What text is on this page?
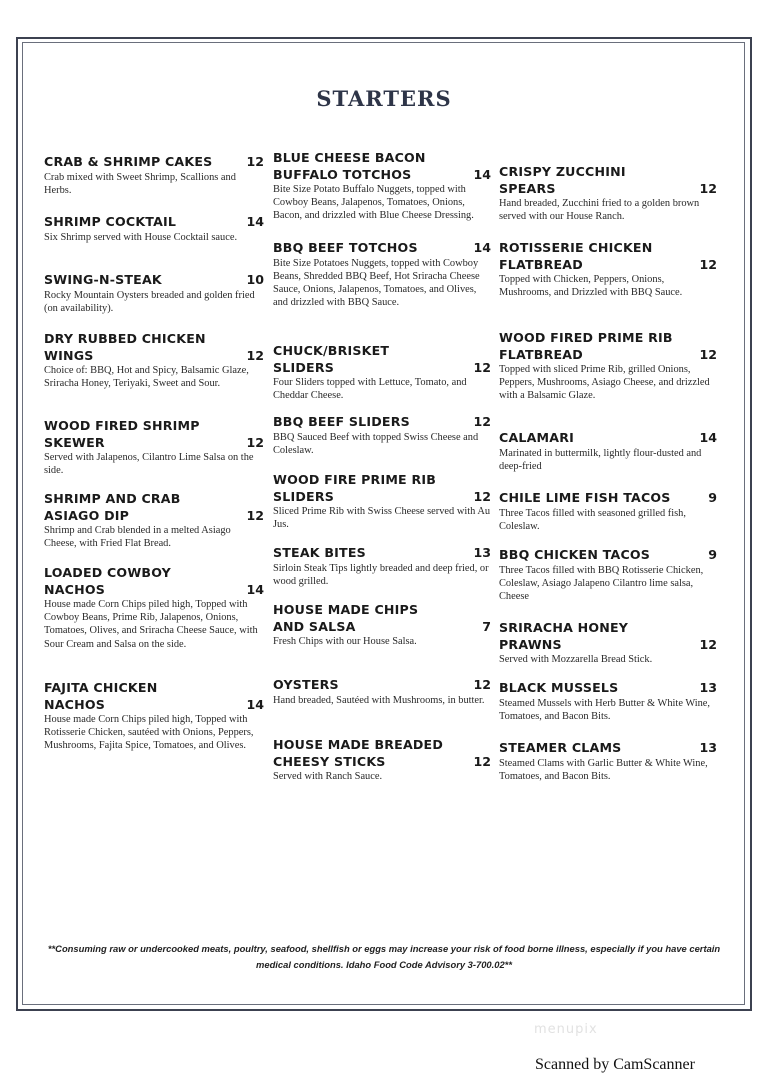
STARTERS
CRAB & SHRIMP CAKES	12
Crab mixed with Sweet Shrimp, Scallions and Herbs.
SHRIMP COCKTAIL	14
Six Shrimp served with House Cocktail sauce.
SWING-N-STEAK	10
Rocky Mountain Oysters breaded and golden fried (on availability).
DRY RUBBED CHICKEN WINGS	12
Choice of: BBQ, Hot and Spicy, Balsamic Glaze, Sriracha Honey, Teriyaki, Sweet and Sour.
WOOD FIRED SHRIMP SKEWER	12
Served with Jalapenos, Cilantro Lime Salsa on the side.
SHRIMP AND CRAB ASIAGO DIP	12
Shrimp and Crab blended in a melted Asiago Cheese, with Fried Flat Bread.
LOADED COWBOY NACHOS	14
House made Corn Chips piled high, Topped with Cowboy Beans, Prime Rib, Jalapenos, Onions, Tomatoes, Olives, and Sriracha Cheese Sauce, with Sour Cream and Salsa on the side.
FAJITA CHICKEN NACHOS	14
House made Corn Chips piled high, Topped with Rotisserie Chicken, sautéed with Onions, Peppers, Mushrooms, Fajita Spice, Tomatoes, and Olives.
BLUE CHEESE BACON BUFFALO TOTCHOS	14
Bite Size Potato Buffalo Nuggets, topped with Cowboy Beans, Jalapenos, Tomatoes, Onions, Bacon, and drizzled with Blue Cheese Dressing.
BBQ BEEF TOTCHOS	14
Bite Size Potatoes Nuggets, topped with Cowboy Beans, Shredded BBQ Beef, Hot Sriracha Cheese Sauce, Onions, Jalapenos, Tomatoes, and Olives, and drizzled with BBQ Sauce.
CHUCK/BRISKET SLIDERS	12
Four Sliders topped with Lettuce, Tomato, and Cheddar Cheese.
BBQ BEEF SLIDERS	12
BBQ Sauced Beef with topped Swiss Cheese and Coleslaw.
WOOD FIRE PRIME RIB SLIDERS	12
Sliced Prime Rib with Swiss Cheese served with Au Jus.
STEAK BITES	13
Sirloin Steak Tips lightly breaded and deep fried, or wood grilled.
HOUSE MADE CHIPS AND SALSA	7
Fresh Chips with our House Salsa.
OYSTERS	12
Hand breaded, Sautéed with Mushrooms, in butter.
HOUSE MADE BREADED CHEESY STICKS	12
Served with Ranch Sauce.
CRISPY ZUCCHINI SPEARS	12
Hand breaded, Zucchini fried to a golden brown served with our House Ranch.
ROTISSERIE CHICKEN FLATBREAD	12
Topped with Chicken, Peppers, Onions, Mushrooms, and Drizzled with BBQ Sauce.
WOOD FIRED PRIME RIB FLATBREAD	12
Topped with sliced Prime Rib, grilled Onions, Peppers, Mushrooms, Asiago Cheese, and drizzled with a Balsamic Glaze.
CALAMARI	14
Marinated in buttermilk, lightly flour-dusted and deep-fried
CHILE LIME FISH TACOS	9
Three Tacos filled with seasoned grilled fish, Coleslaw.
BBQ CHICKEN TACOS	9
Three Tacos filled with BBQ Rotisserie Chicken, Coleslaw, Asiago Jalapeno Cilantro lime salsa, Cheese
SRIRACHA HONEY PRAWNS	12
Served with Mozzarella Bread Stick.
BLACK MUSSELS	13
Steamed Mussels with Herb Butter & White Wine, Tomatoes, and Bacon Bits.
STEAMER CLAMS	13
Steamed Clams with Garlic Butter & White Wine, Tomatoes, and Bacon Bits.
**Consuming raw or undercooked meats, poultry, seafood, shellfish or eggs may increase your risk of food borne illness, especially if you have certain medical conditions. Idaho Food Code Advisory 3-700.02**
menupix
Scanned by CamScanner
